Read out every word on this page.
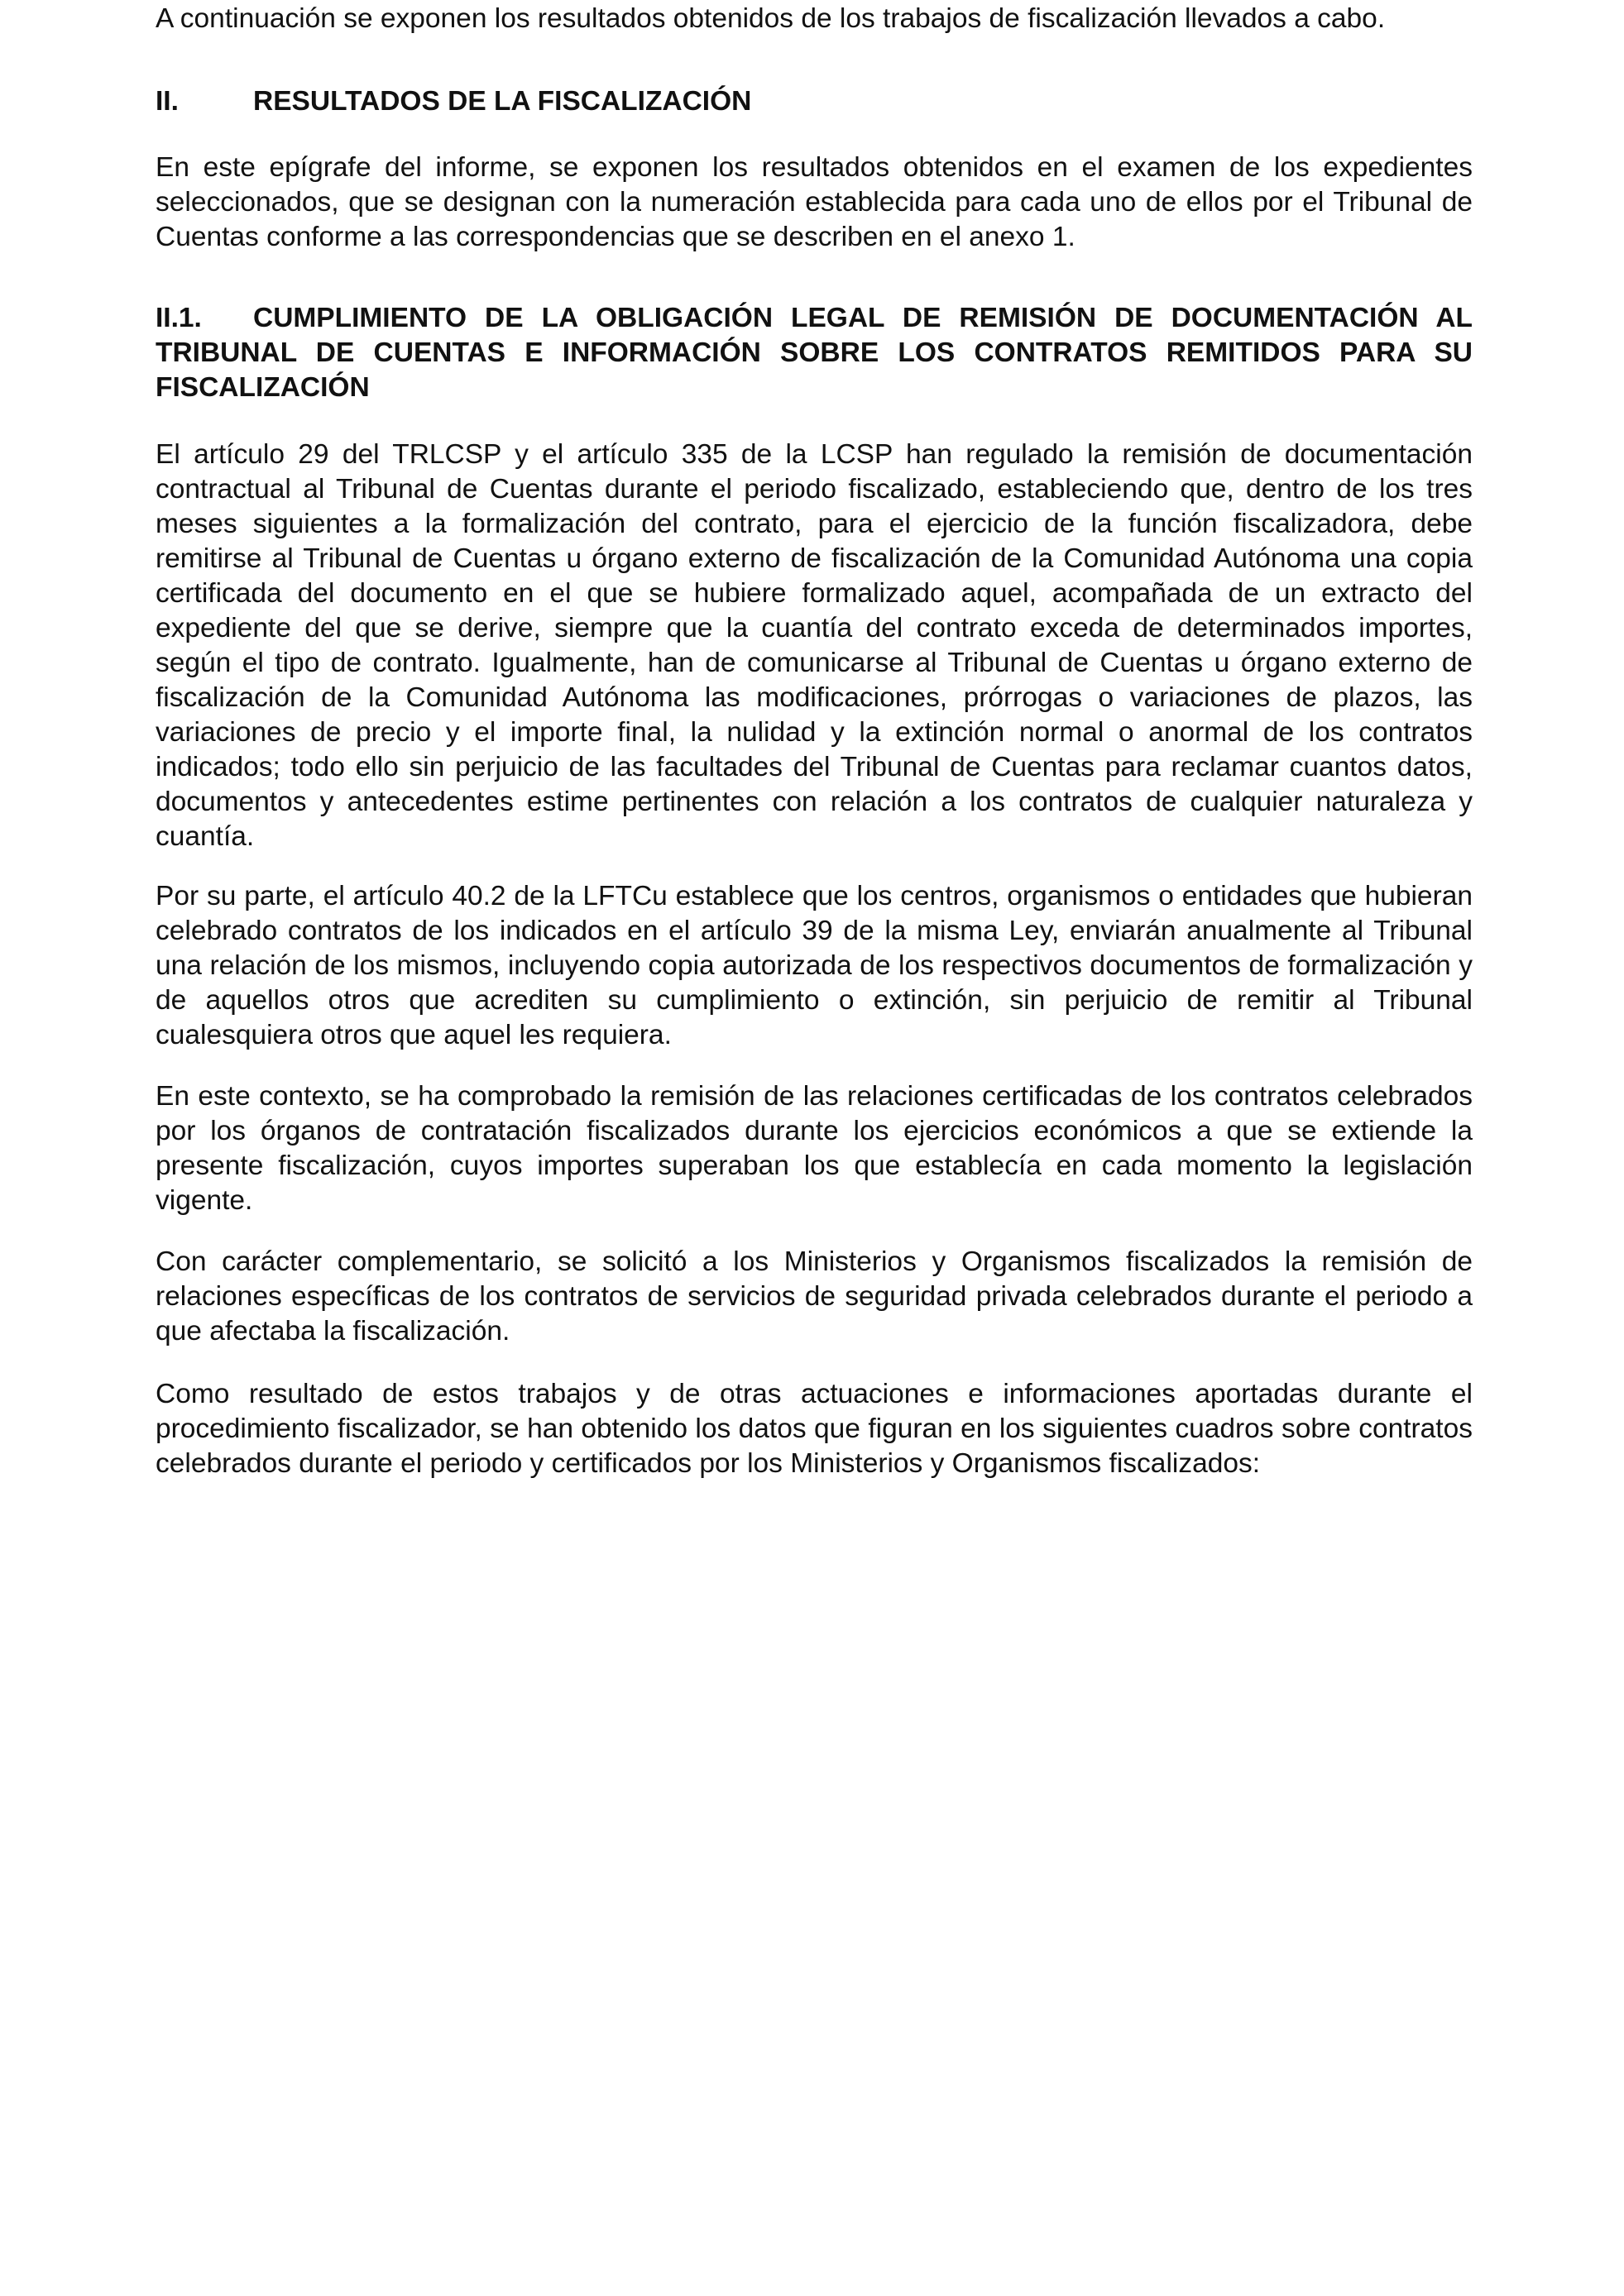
A continuación se exponen los resultados obtenidos de los trabajos de fiscalización llevados a cabo.

II.	RESULTADOS DE LA FISCALIZACIÓN

En este epígrafe del informe, se exponen los resultados obtenidos en el examen de los expedientes seleccionados, que se designan con la numeración establecida para cada uno de ellos por el Tribunal de Cuentas conforme a las correspondencias que se describen en el anexo 1.

II.1.	CUMPLIMIENTO DE LA OBLIGACIÓN LEGAL DE REMISIÓN DE DOCUMENTACIÓN AL TRIBUNAL DE CUENTAS E INFORMACIÓN SOBRE LOS CONTRATOS REMITIDOS PARA SU FISCALIZACIÓN

El artículo 29 del TRLCSP y el artículo 335 de la LCSP han regulado la remisión de documentación contractual al Tribunal de Cuentas durante el periodo fiscalizado, estableciendo que, dentro de los tres meses siguientes a la formalización del contrato, para el ejercicio de la función fiscalizadora, debe remitirse al Tribunal de Cuentas u órgano externo de fiscalización de la Comunidad Autónoma una copia certificada del documento en el que se hubiere formalizado aquel, acompañada de un extracto del expediente del que se derive, siempre que la cuantía del contrato exceda de determinados importes, según el tipo de contrato. Igualmente, han de comunicarse al Tribunal de Cuentas u órgano externo de fiscalización de la Comunidad Autónoma las modificaciones, prórrogas o variaciones de plazos, las variaciones de precio y el importe final, la nulidad y la extinción normal o anormal de los contratos indicados; todo ello sin perjuicio de las facultades del Tribunal de Cuentas para reclamar cuantos datos, documentos y antecedentes estime pertinentes con relación a los contratos de cualquier naturaleza y cuantía.

Por su parte, el artículo 40.2 de la LFTCu establece que los centros, organismos o entidades que hubieran celebrado contratos de los indicados en el artículo 39 de la misma Ley, enviarán anualmente al Tribunal una relación de los mismos, incluyendo copia autorizada de los respectivos documentos de formalización y de aquellos otros que acrediten su cumplimiento o extinción, sin perjuicio de remitir al Tribunal cualesquiera otros que aquel les requiera.

En este contexto, se ha comprobado la remisión de las relaciones certificadas de los contratos celebrados por los órganos de contratación fiscalizados durante los ejercicios económicos a que se extiende la presente fiscalización, cuyos importes superaban los que establecía en cada momento la legislación vigente.

Con carácter complementario, se solicitó a los Ministerios y Organismos fiscalizados la remisión de relaciones específicas de los contratos de servicios de seguridad privada celebrados durante el periodo a que afectaba la fiscalización.

Como resultado de estos trabajos y de otras actuaciones e informaciones aportadas durante el procedimiento fiscalizador, se han obtenido los datos que figuran en los siguientes cuadros sobre contratos celebrados durante el periodo y certificados por los Ministerios y Organismos fiscalizados:
